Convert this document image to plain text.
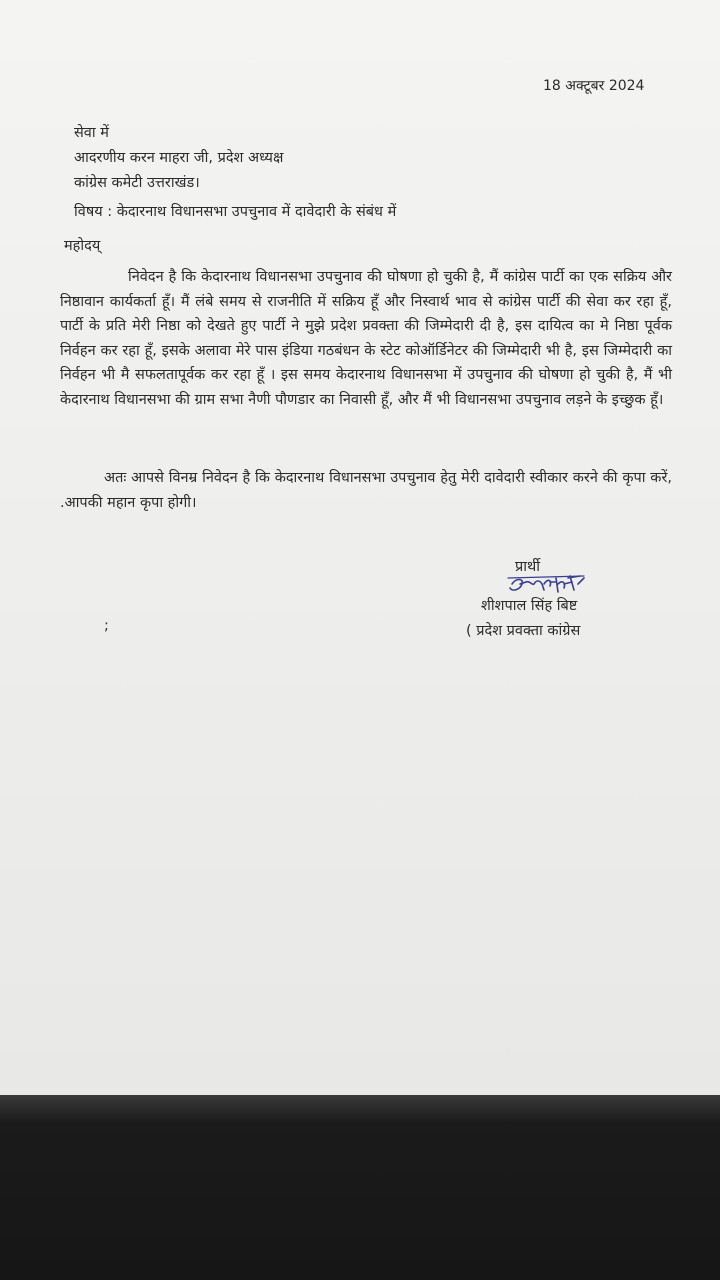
18 अक्टूबर 2024
सेवा में
आदरणीय करन माहरा जी, प्रदेश अध्यक्ष
कांग्रेस कमेटी उत्तराखंड।
विषय : केदारनाथ विधानसभा उपचुनाव में दावेदारी के संबंध में
महोदय्
निवेदन है कि केदारनाथ विधानसभा उपचुनाव की घोषणा हो चुकी है, मैं कांग्रेस पार्टी का एक सक्रिय और निष्ठावान कार्यकर्ता हूँ। मैं लंबे समय से राजनीति में सक्रिय हूँ और निस्वार्थ भाव से कांग्रेस पार्टी की सेवा कर रहा हूँ, पार्टी के प्रति मेरी निष्ठा को देखते हुए पार्टी ने मुझे प्रदेश प्रवक्ता की जिम्मेदारी दी है, इस दायित्व का मे निष्ठा पूर्वक निर्वहन कर रहा हूँ, इसके अलावा मेरे पास इंडिया गठबंधन के स्टेट कोऑर्डिनेटर की जिम्मेदारी भी है, इस जिम्मेदारी का निर्वहन भी मै सफलतापूर्वक कर रहा हूँ । इस समय केदारनाथ विधानसभा में उपचुनाव की घोषणा हो चुकी है, मैं भी केदारनाथ विधानसभा की ग्राम सभा नैणी पौणडार का निवासी हूँ, और मैं भी विधानसभा उपचुनाव लड़ने के इच्छुक हूँ।
अतः आपसे विनम्र निवेदन है कि केदारनाथ विधानसभा उपचुनाव हेतु मेरी दावेदारी स्वीकार करने की कृपा करें, .आपकी महान कृपा होगी।
प्रार्थी
शीशपाल सिंह बिष्ट
( प्रदेश प्रवक्ता कांग्रेस
;
